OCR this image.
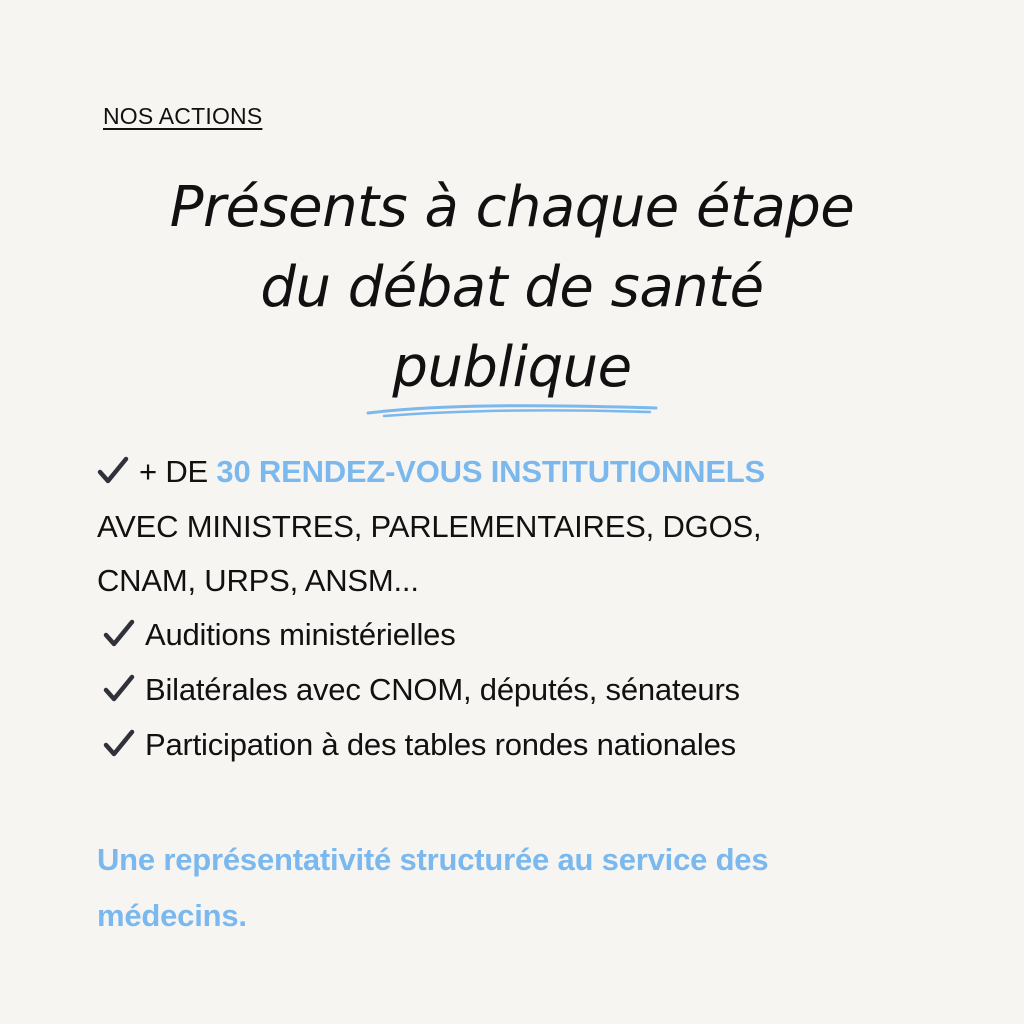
NOS ACTIONS
Présents à chaque étape
du débat de santé
publique
+ DE 30 RENDEZ-VOUS INSTITUTIONNELS
AVEC MINISTRES, PARLEMENTAIRES, DGOS,
CNAM, URPS, ANSM...
Auditions ministérielles
Bilatérales avec CNOM, députés, sénateurs
Participation à des tables rondes nationales
Une représentativité structurée au service des médecins.
